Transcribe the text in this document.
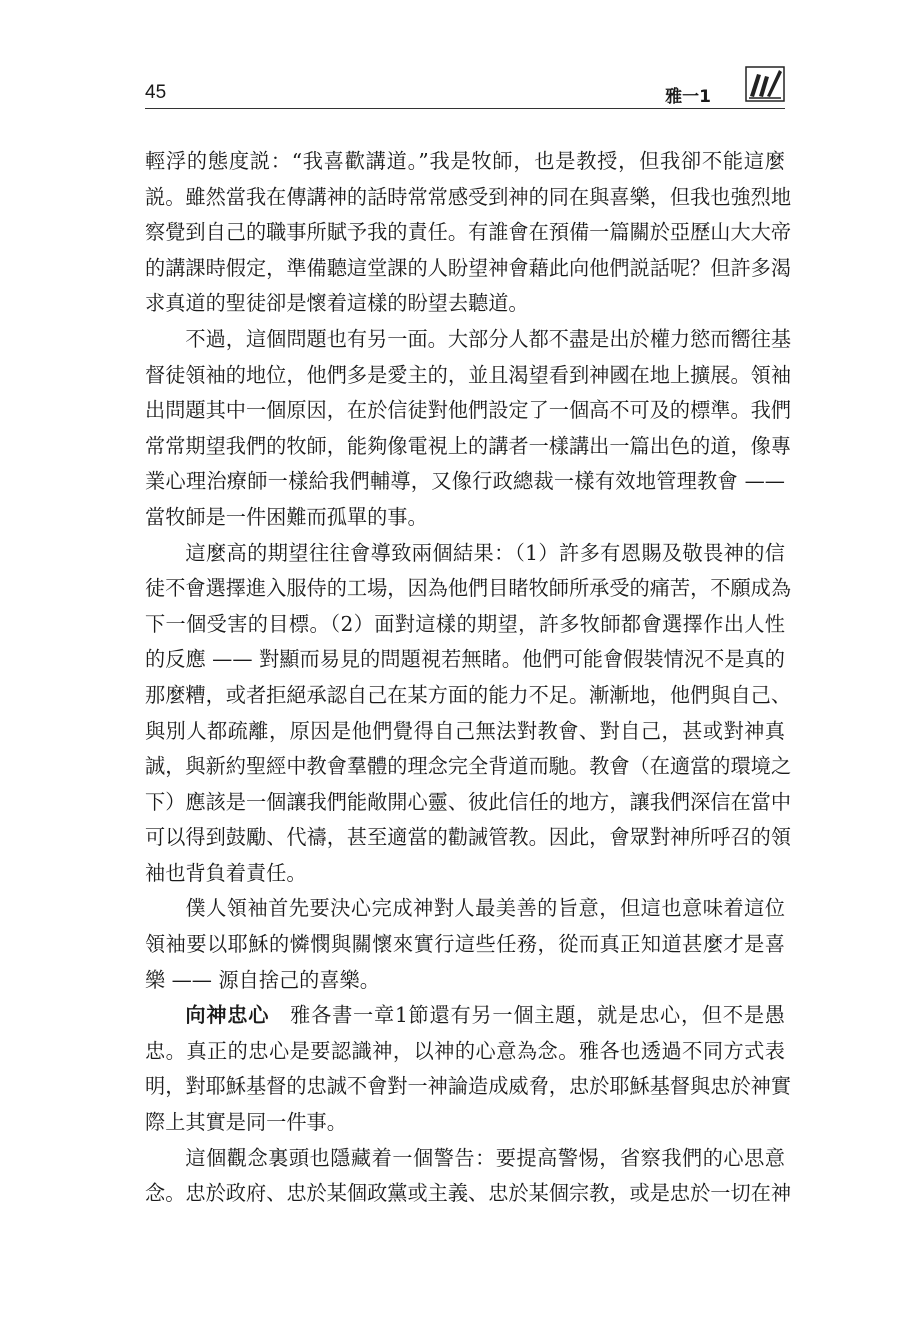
45	雅一1

輕浮的態度説：“我喜歡講道。”我是牧師，也是教授，但我卻不能這麼
説。雖然當我在傳講神的話時常常感受到神的同在與喜樂，但我也強烈地
察覺到自己的職事所賦予我的責任。有誰會在預備一篇關於亞歷山大大帝
的講課時假定，準備聽這堂課的人盼望神會藉此向他們説話呢？但許多渴
求真道的聖徒卻是懷着這樣的盼望去聽道。

不過，這個問題也有另一面。大部分人都不盡是出於權力慾而嚮往基
督徒領袖的地位，他們多是愛主的，並且渴望看到神國在地上擴展。領袖
出問題其中一個原因，在於信徒對他們設定了一個高不可及的標準。我們
常常期望我們的牧師，能夠像電視上的講者一樣講出一篇出色的道，像專
業心理治療師一樣給我們輔導，又像行政總裁一樣有效地管理教會 ——
當牧師是一件困難而孤單的事。

這麼高的期望往往會導致兩個結果：（1）許多有恩賜及敬畏神的信
徒不會選擇進入服侍的工場，因為他們目睹牧師所承受的痛苦，不願成為
下一個受害的目標。（2）面對這樣的期望，許多牧師都會選擇作出人性
的反應 —— 對顯而易見的問題視若無睹。他們可能會假裝情況不是真的
那麼糟，或者拒絕承認自己在某方面的能力不足。漸漸地，他們與自己、
與別人都疏離，原因是他們覺得自己無法對教會、對自己，甚或對神真
誠，與新約聖經中教會羣體的理念完全背道而馳。教會（在適當的環境之
下）應該是一個讓我們能敞開心靈、彼此信任的地方，讓我們深信在當中
可以得到鼓勵、代禱，甚至適當的勸誡管教。因此，會眾對神所呼召的領
袖也背負着責任。

僕人領袖首先要決心完成神對人最美善的旨意，但這也意味着這位
領袖要以耶穌的憐憫與關懷來實行這些任務，從而真正知道甚麼才是喜
樂 —— 源自捨己的喜樂。

向神忠心　雅各書一章1節還有另一個主題，就是忠心，但不是愚
忠。真正的忠心是要認識神，以神的心意為念。雅各也透過不同方式表
明，對耶穌基督的忠誠不會對一神論造成威脅，忠於耶穌基督與忠於神實
際上其實是同一件事。

這個觀念裏頭也隱藏着一個警告：要提高警惕，省察我們的心思意
念。忠於政府、忠於某個政黨或主義、忠於某個宗教，或是忠於一切在神
